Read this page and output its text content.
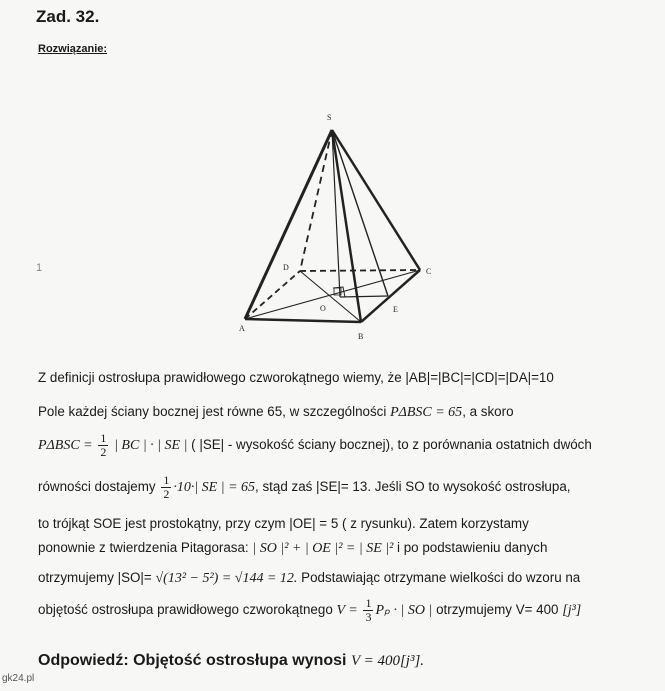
Zad. 32.
Rozwiązanie:
1
S
A
B
C
D
O	E
Z definicji ostrosłupa prawidłowego czworokątnego wiemy, że |AB|=|BC|=|CD|=|DA|=10
Pole każdej ściany bocznej jest równe 65, w szczególności PΔBSC = 65, a skoro
$P\Delta BSC = \frac{1}{2}$ | BC | · | SE | ( |SE| - wysokość ściany bocznej), to z porównania ostatnich dwóch
równości dostajemy $\frac{1}{2} \cdot 10\cdot|$ SE | = 65, stąd zaś |SE|= 13. Jeśli SO to wysokość ostrosłupa,
to trójkąt SOE jest prostokątny, przy czym |OE| = 5 ( z rysunku). Zatem korzystamy
ponownie z twierdzenia Pitagorasa: | SO |² + | OE |² = | SE |² i po podstawieniu danych
otrzymujemy |SO|= √(13² − 5²) = √144 = 12. Podstawiając otrzymane wielkości do wzoru na
objętość ostrosłupa prawidłowego czworokątnego $V = \frac{1}{3}$ Pₚ · | SO | otrzymujemy V= 400 [j³]
Odpowiedź: Objętość ostrosłupa wynosi V = 400[j³].
gk24.pl
